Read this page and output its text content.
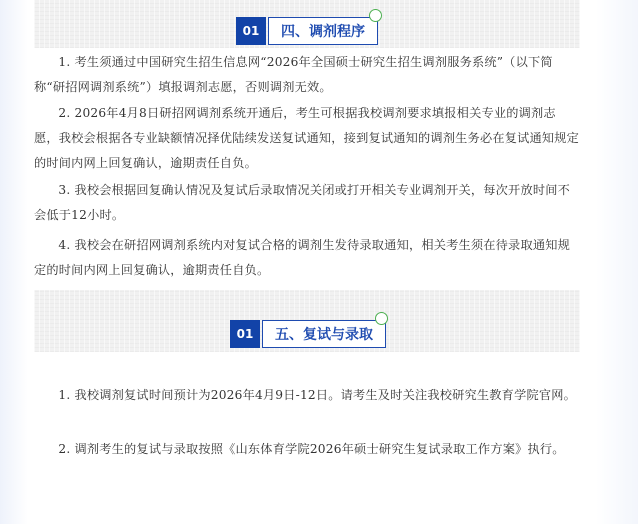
01	四、调剂程序

1. 考生须通过中国研究生招生信息网“2026年全国硕士研究生招生调剂服务系统”（以下简称“研招网调剂系统”）填报调剂志愿，否则调剂无效。

2. 2026年4月8日研招网调剂系统开通后，考生可根据我校调剂要求填报相关专业的调剂志愿，我校会根据各专业缺额情况择优陆续发送复试通知，接到复试通知的调剂生务必在复试通知规定的时间内网上回复确认，逾期责任自负。

3. 我校会根据回复确认情况及复试后录取情况关闭或打开相关专业调剂开关，每次开放时间不会低于12小时。

4. 我校会在研招网调剂系统内对复试合格的调剂生发待录取通知，相关考生须在待录取通知规定的时间内网上回复确认，逾期责任自负。

01	五、复试与录取

1. 我校调剂复试时间预计为2026年4月9日-12日。请考生及时关注我校研究生教育学院官网。

2. 调剂考生的复试与录取按照《山东体育学院2026年硕士研究生复试录取工作方案》执行。
